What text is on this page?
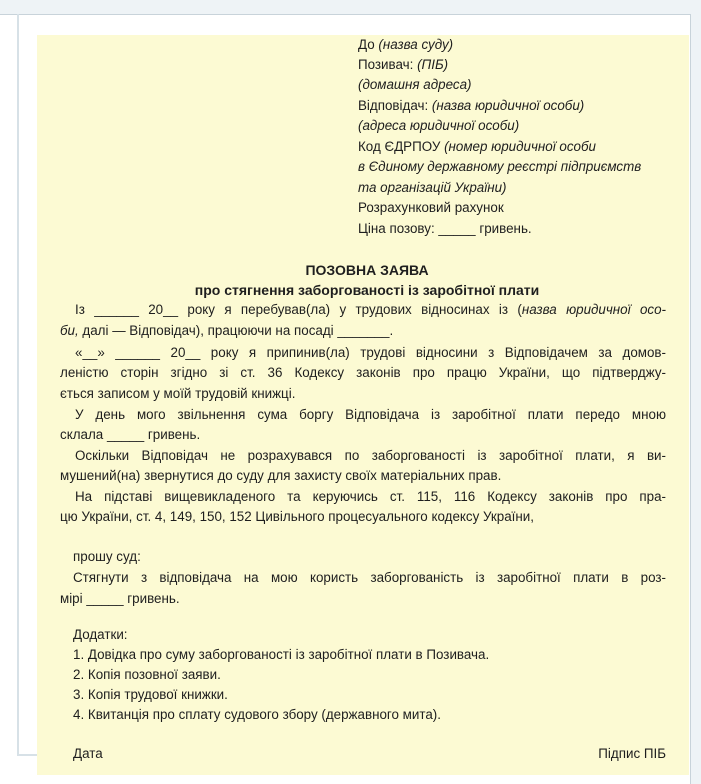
До (назва суду)
Позивач: (ПІБ)
(домашня адреса)
Відповідач: (назва юридичної особи)
(адреса юридичної особи)
Код ЄДРПОУ (номер юридичної особи
в Єдиному державному реєстрі підприємств
та організацій України)
Розрахунковий рахунок
Ціна позову: _____ гривень.
ПОЗОВНА ЗАЯВА
про стягнення заборгованості із заробітної плати
Із ______ 20__ року я перебував(ла) у трудових відносинах із (назва юридичної осо-
би, далі — Відповідач), працюючи на посаді _______.
«__» ______ 20__ року я припинив(ла) трудові відносини з Відповідачем за домов-
леністю сторін згідно зі ст. 36 Кодексу законів про працю України, що підтверджу-
ється записом у моїй трудовій книжці.
У день мого звільнення сума боргу Відповідача із заробітної плати передо мною
склала _____ гривень.
Оскільки Відповідач не розрахувався по заборгованості із заробітної плати, я ви-
мушений(на) звернутися до суду для захисту своїх матеріальних прав.
На підставі вищевикладеного та керуючись ст. 115, 116 Кодексу законів про пра-
цю України, ст. 4, 149, 150, 152 Цивільного процесуального кодексу України,
прошу суд:
Стягнути з відповідача на мою користь заборгованість із заробітної плати в роз-
мірі _____ гривень.
Додатки:
1. Довідка про суму заборгованості із заробітної плати в Позивача.
2. Копія позовної заяви.
3. Копія трудової книжки.
4. Квитанція про сплату судового збору (державного мита).
Дата	Підпис ПІБ
